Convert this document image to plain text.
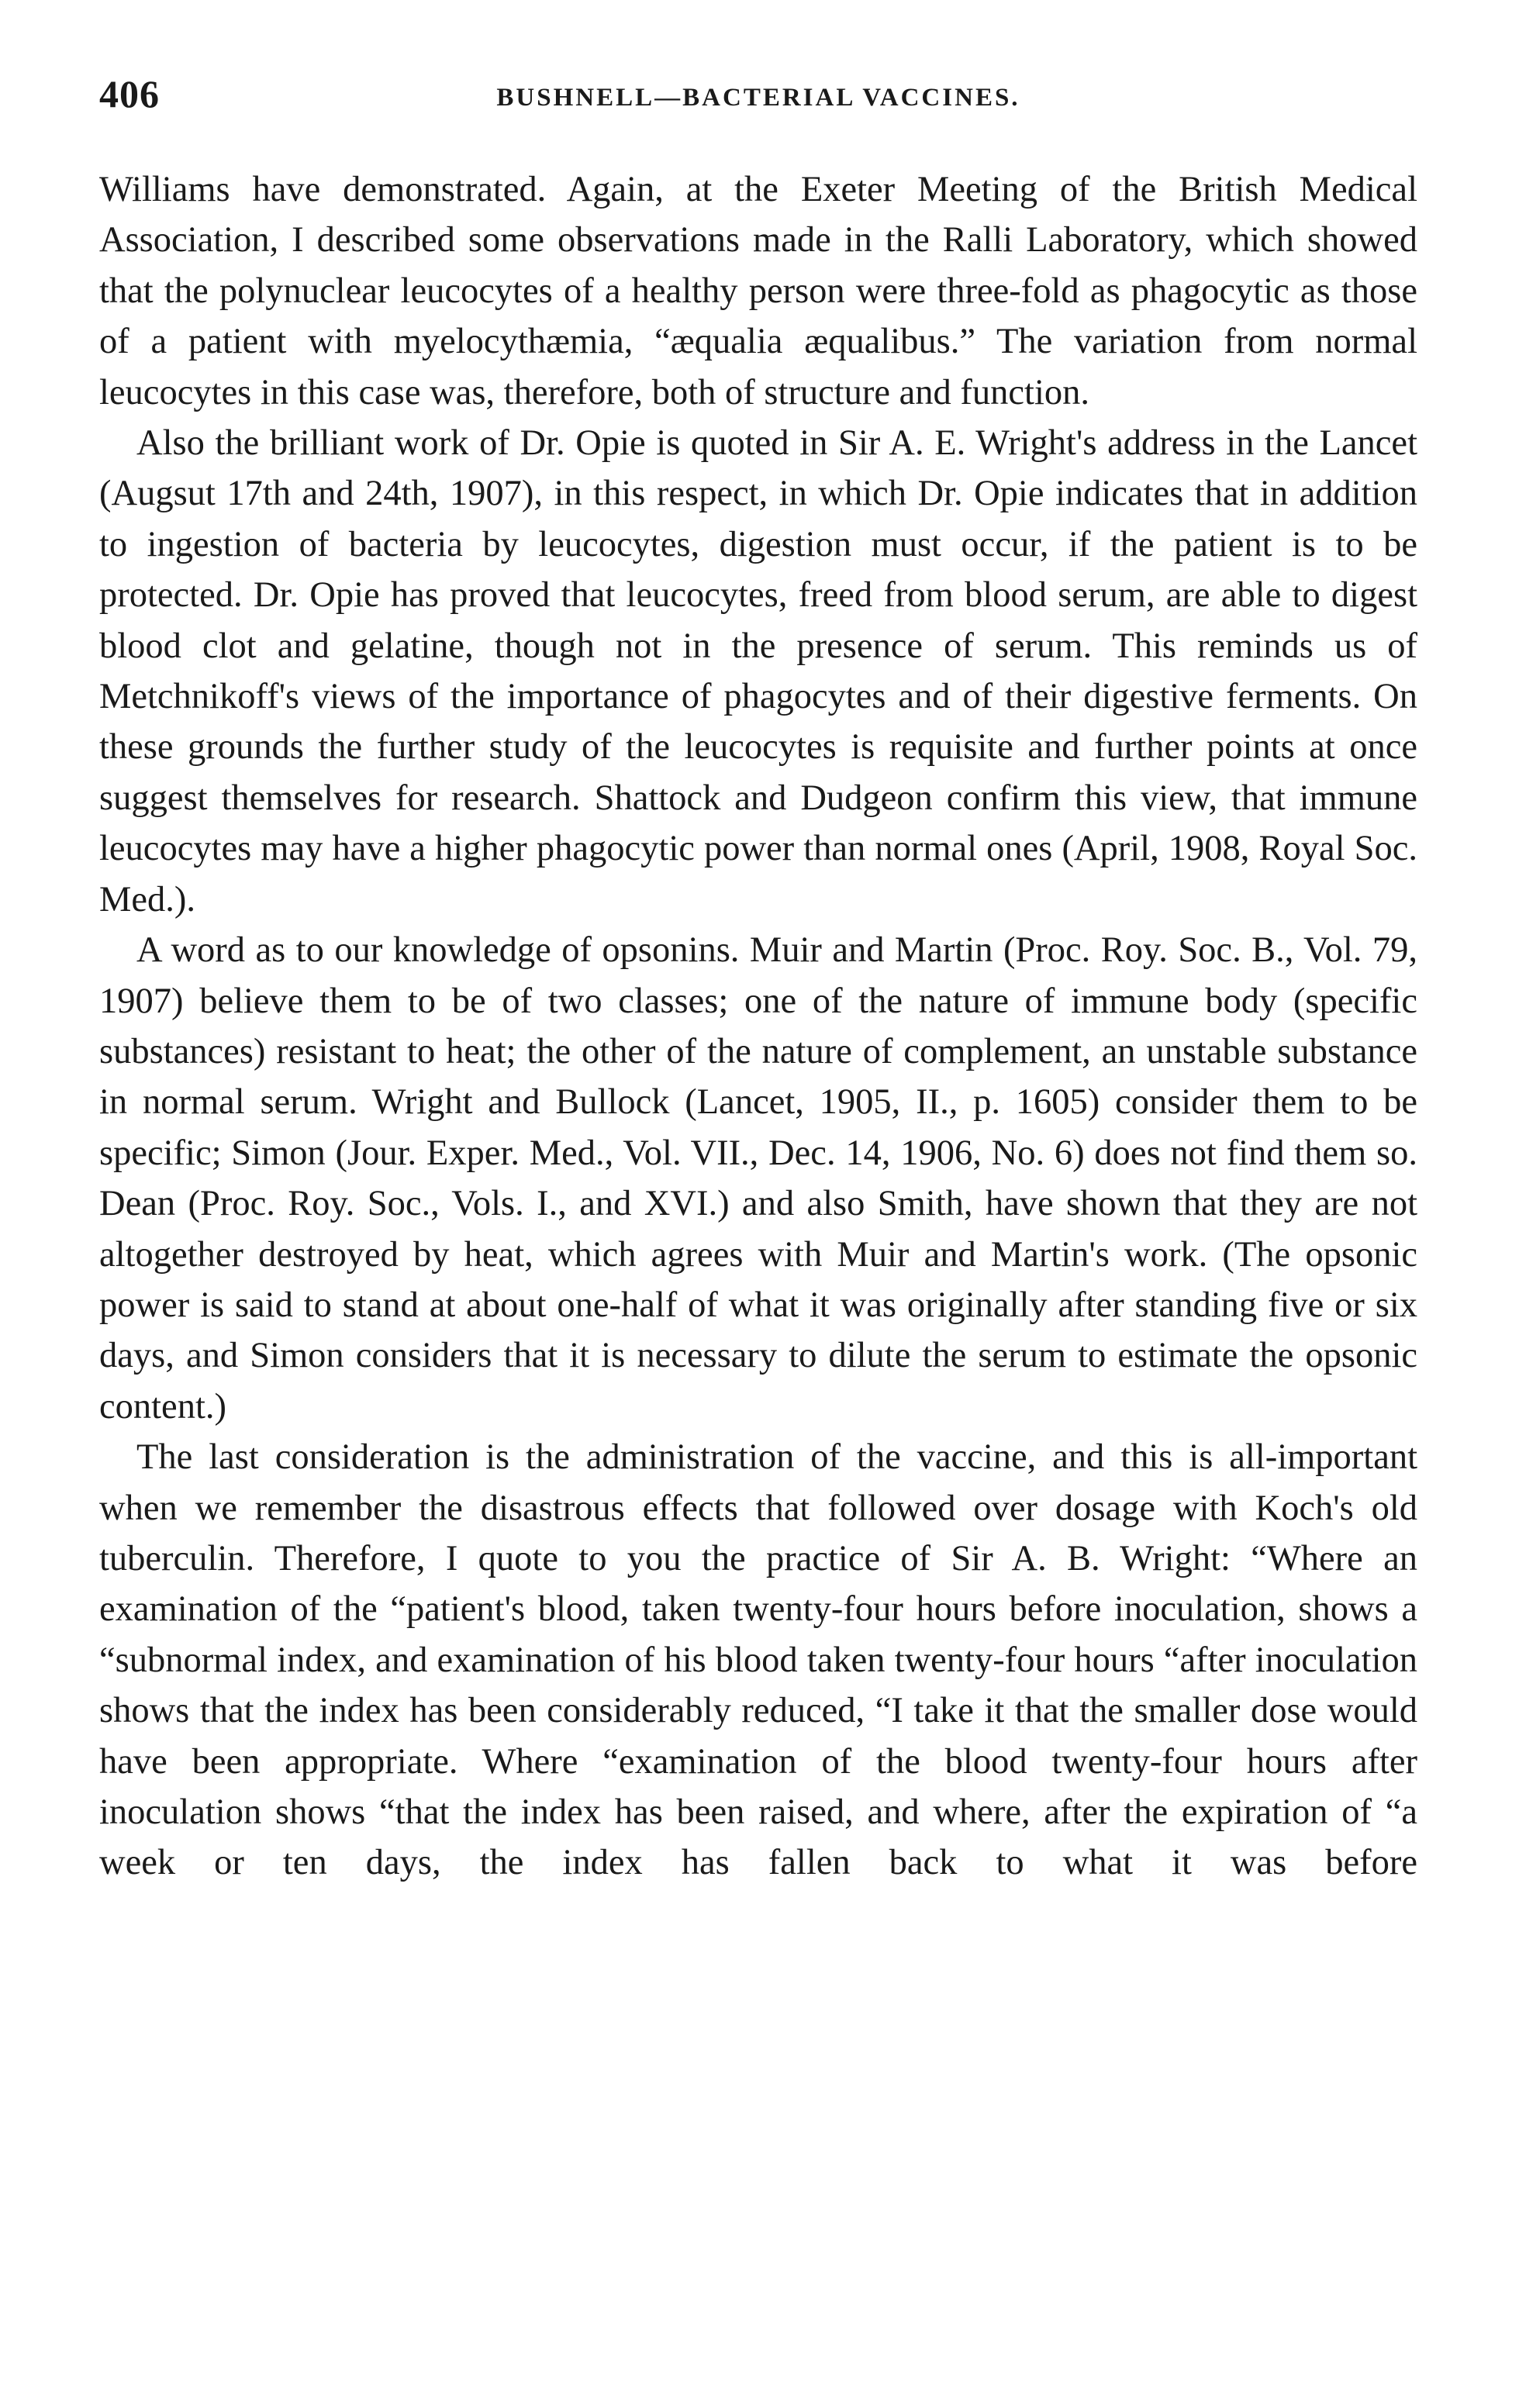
406	BUSHNELL—BACTERIAL VACCINES.

Williams have demonstrated. Again, at the Exeter Meeting of the British Medical Association, I described some observations made in the Ralli Laboratory, which showed that the polynuclear leucocytes of a healthy person were three-fold as phagocytic as those of a patient with myelocythæmia, “æqualia æqualibus.” The variation from normal leucocytes in this case was, therefore, both of structure and function.

Also the brilliant work of Dr. Opie is quoted in Sir A. E. Wright's address in the Lancet (Augsut 17th and 24th, 1907), in this respect, in which Dr. Opie indicates that in addition to ingestion of bacteria by leucocytes, digestion must occur, if the patient is to be protected. Dr. Opie has proved that leucocytes, freed from blood serum, are able to digest blood clot and gelatine, though not in the presence of serum. This reminds us of Metchnikoff's views of the importance of phagocytes and of their digestive ferments. On these grounds the further study of the leucocytes is requisite and further points at once suggest themselves for research. Shattock and Dudgeon confirm this view, that immune leucocytes may have a higher phagocytic power than normal ones (April, 1908, Royal Soc. Med.).

A word as to our knowledge of opsonins. Muir and Martin (Proc. Roy. Soc. B., Vol. 79, 1907) believe them to be of two classes; one of the nature of immune body (specific substances) resistant to heat; the other of the nature of complement, an unstable substance in normal serum. Wright and Bullock (Lancet, 1905, II., p. 1605) consider them to be specific; Simon (Jour. Exper. Med., Vol. VII., Dec. 14, 1906, No. 6) does not find them so. Dean (Proc. Roy. Soc., Vols. I., and XVI.) and also Smith, have shown that they are not altogether destroyed by heat, which agrees with Muir and Martin's work. (The opsonic power is said to stand at about one-half of what it was originally after standing five or six days, and Simon considers that it is necessary to dilute the serum to estimate the opsonic content.)

The last consideration is the administration of the vaccine, and this is all-important when we remember the disastrous effects that followed over dosage with Koch's old tuberculin. Therefore, I quote to you the practice of Sir A. B. Wright: “Where an examination of the “patient's blood, taken twenty-four hours before inoculation, shows a “subnormal index, and examination of his blood taken twenty-four hours “after inoculation shows that the index has been considerably reduced, “I take it that the smaller dose would have been appropriate. Where “examination of the blood twenty-four hours after inoculation shows “that the index has been raised, and where, after the expiration of “a week or ten days, the index has fallen back to what it was before
